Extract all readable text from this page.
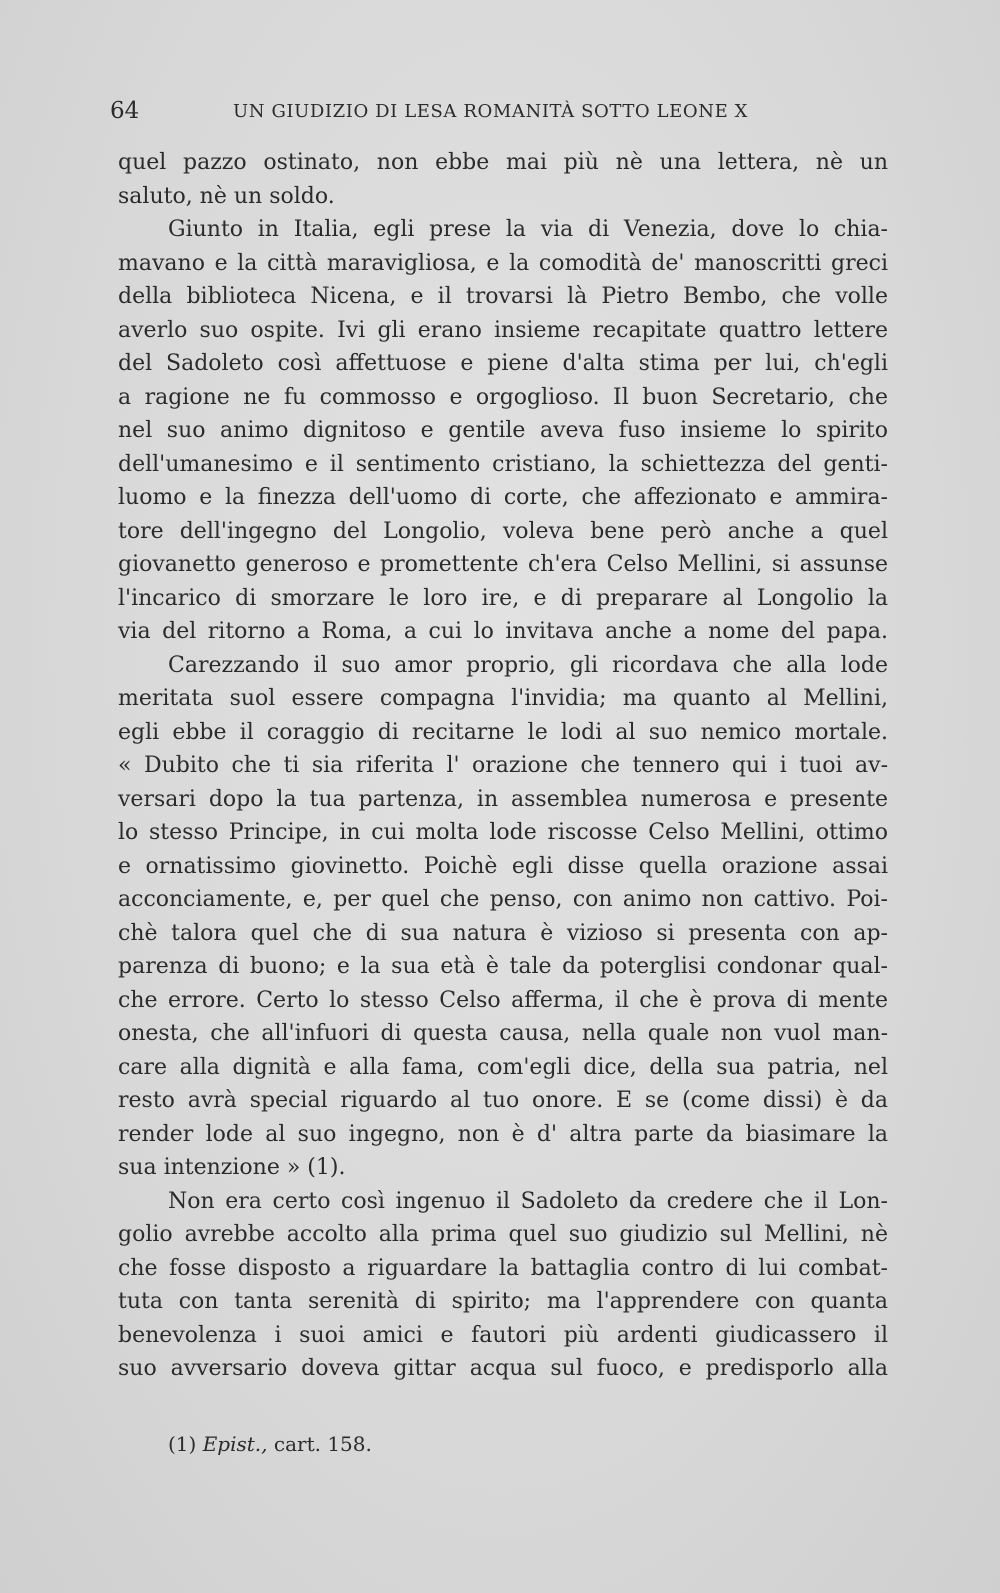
64	UN GIUDIZIO DI LESA ROMANITÀ SOTTO LEONE X
quel pazzo ostinato, non ebbe mai più nè una lettera, nè un
saluto, nè un soldo.
Giunto in Italia, egli prese la via di Venezia, dove lo chia-
mavano e la città maravigliosa, e la comodità de' manoscritti greci
della biblioteca Nicena, e il trovarsi là Pietro Bembo, che volle
averlo suo ospite. Ivi gli erano insieme recapitate quattro lettere
del Sadoleto così affettuose e piene d'alta stima per lui, ch'egli
a ragione ne fu commosso e orgoglioso. Il buon Secretario, che
nel suo animo dignitoso e gentile aveva fuso insieme lo spirito
dell'umanesimo e il sentimento cristiano, la schiettezza del genti-
luomo e la finezza dell'uomo di corte, che affezionato e ammira-
tore dell'ingegno del Longolio, voleva bene però anche a quel
giovanetto generoso e promettente ch'era Celso Mellini, si assunse
l'incarico di smorzare le loro ire, e di preparare al Longolio la
via del ritorno a Roma, a cui lo invitava anche a nome del papa.
Carezzando il suo amor proprio, gli ricordava che alla lode
meritata suol essere compagna l'invidia; ma quanto al Mellini,
egli ebbe il coraggio di recitarne le lodi al suo nemico mortale.
« Dubito che ti sia riferita l' orazione che tennero qui i tuoi av-
versari dopo la tua partenza, in assemblea numerosa e presente
lo stesso Principe, in cui molta lode riscosse Celso Mellini, ottimo
e ornatissimo giovinetto. Poichè egli disse quella orazione assai
acconciamente, e, per quel che penso, con animo non cattivo. Poi-
chè talora quel che di sua natura è vizioso si presenta con ap-
parenza di buono; e la sua età è tale da poterglisi condonar qual-
che errore. Certo lo stesso Celso afferma, il che è prova di mente
onesta, che all'infuori di questa causa, nella quale non vuol man-
care alla dignità e alla fama, com'egli dice, della sua patria, nel
resto avrà special riguardo al tuo onore. E se (come dissi) è da
render lode al suo ingegno, non è d' altra parte da biasimare la
sua intenzione » (1).
Non era certo così ingenuo il Sadoleto da credere che il Lon-
golio avrebbe accolto alla prima quel suo giudizio sul Mellini, nè
che fosse disposto a riguardare la battaglia contro di lui combat-
tuta con tanta serenità di spirito; ma l'apprendere con quanta
benevolenza i suoi amici e fautori più ardenti giudicassero il
suo avversario doveva gittar acqua sul fuoco, e predisporlo alla
(1) Epist., cart. 158.
